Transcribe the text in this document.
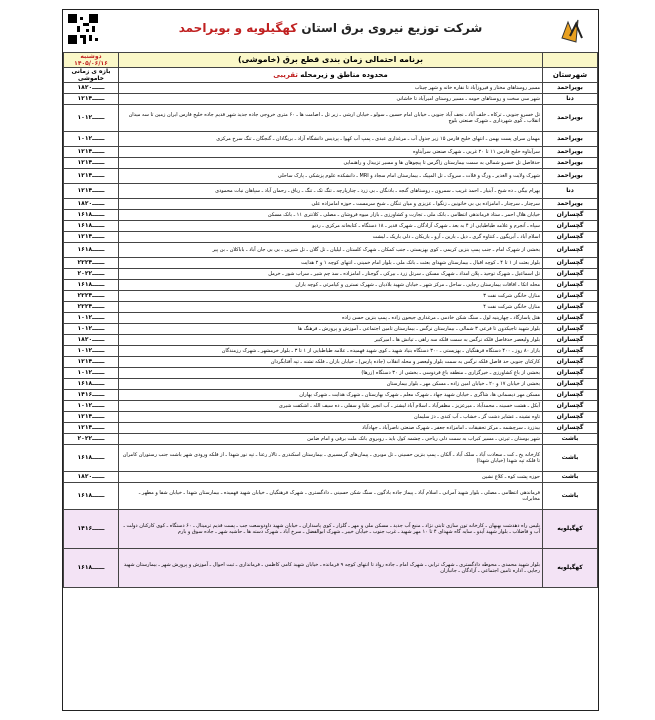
شرکت توزیع نیروی برق استان کهگیلویه و بویراحمد
	برنامه احتمالی زمان بندی قطع برق (خاموشی)	دوشنبه
۱۴۰۵/۰۶/۱۶
شهرستان	محدوده مناطق و زیرمحله تقریبی	بازه ی زمانی خاموشی
بویراحمد	مسیر روستاهای مختار و فیروزآباد تا نقاره خانه و شهر چیتاب	۱۸ــــــ۲۰
دنا	شهر سی سخت و روستاهای حومه ـ مسیر روستای امیرآباد تا خاشانی	۱۲ــــــ۱۴
بویراحمد	تل خسرو جنوبی ـ ترکاه ـ خلف آباد ـ نجف آباد جنوبی ـ خیابان امام حسین ـ سولو ـ خیابان ارشی ـ زیر تل ـ اصامت ها ـ ۶۰ متری خروجی جاده جدید شهر قدیم جاده خلیج فارس ایران زمین تا سه میدان انقلاب ـ کوی شهرداری ـ شهرک صنعتی بلوچ	۱۰ــــــ۱۲
بویراحمد	مهمان سرای پست بهمن ـ انتهای خلیج فارس ۱۵ زیر جدول آب ـ مرغداری عبدی ـ پمپ آب کهوا ـ پردیس دانشگاه آزاد ـ بریگادان ـ گنجگان ـ تنگ سرخ مرکزی	۱۰ــــــ۱۲
بویراحمد	سرآبتاوه خلیج فارس ۱۱ تا ۲۰ غربی ـ شهرک صنعتی سرآبتاوه	۱۲ــــــ۱۴
بویراحمد	حدفاصل تل خسرو شمالی به سمت بیمارستان زاگرس تا پیچوهان ها و مسیر تزبیدل و راهنمایی	۱۲ــــــ۱۴
بویراحمد	شهرک ولایت و الغدیر ـ ورگ و قلات ـ سروک ـ تل المپیک ـ بیمارستان امام سجاد و MRI ـ دانشکده علوم پزشکی ـ پارک ساحلی	۱۲ــــــ۱۴
دنا	بهرام بیگی ـ ده شیخ ـ آبنیار ـ احمد غریب ـ سمرون ـ روستاهای گنجه ـ بادنگان ـ بی زرد ـ چنارپارچه ـ تنگ تک ـ تنگ ـ رباق ـ رحمان آباد ـ سپاهان نبات محمودی	۱۲ــــــ۱۴
بویراحمد	سرچنار ـ سرچنار ـ امامزاده بی بی خاتونین ـ زنگوا ـ عزیزی و میان تنگان ـ شیخ سرمست ـ حوزه امامزاده علی	۱۸ــــــ۲۰
گچساران	خیابان هلال احمر ـ ستاد فرماندهی انتظامی ـ بانک ملی ـ تجارت و کشاورزی ـ بازار میوه فروشان ـ مصلی ـ کلانتری ۱۱ ـ بانک مسکن	۱۶ــــــ۱۸
گچساران	سپاه ـ آنجرم و علامه طباطبایی از ۴ به بعد ـ شهرک آزادگان ـ شهرک قدیر ـ ۱۸ دستگاه ـ کتابخانه مرکزی ـ ردیو	۱۶ــــــ۱۸
گچساران	اسلام آباد ـ آبریگون ـ کنتاوه گری ـ دیل ـ بارین ـ آرو ـ بازیکان ـ دلی باریک ـ لیشت	۱۲ــــــ۱۴
گچساران	بخشی از شهرک امام ـ جنب پمپ بنزین کریمی ـ کوی بهزیستی ـ جنب کمکان ـ شهرک کلستان ـ لیلیان ـ تل گلان ـ تل شیرین ـ بی بی جان آباد ـ باباکلان ـ بن پیر	۱۶ــــــ۱۸
گچساران	بلوار بعثت از ۱ تا ۴ ـ کوچه اقبال ـ بیمارستان شهدای بعثت ـ بانک ملی ـ بلوار امام خمینی ـ انتهای کوچه ۱ و ۲ هدایت	۲۲ــــــ۲۴
گچساران	تل اسماعیل ـ شهرک توحید ـ پلان امداد ـ شهرک مسکن ـ سرتل زرد ـ بیرکی ـ گوجنار ـ امامزاده ـ سد چم شیر ـ سراب شور ـ خرمل	۲۰ــــــ۲۲
گچساران	محله اتکا ـ اقاقات بیمارستان رجایی ـ ساحل ـ مرکز شهر ـ خیابان شهید بلاذیان ـ شهرک نسترن و کیامرثی ـ کوچه باران	۱۶ــــــ۱۸
گچساران	منازل خانگی شرکت نفت ۳	۲۲ــــــ۲۴
گچساران	منازل خانگی شرکت نفت ۴	۲۲ــــــ۲۴
گچساران	هتل پاسارگاد ـ چهارپنیه لول ـ سنگ شکن خادمی ـ مرغداری جیحون زاده ـ پمپ بنزین حسن زاده	۱۰ــــــ۱۲
گچساران	بلوار شهید تاجیکدون تا فرعی ۳ شمالی ـ بیمارستان نرگس ـ بیمارستان تامین اجتماعی ـ آموزش و پرورش ـ فرهنگ ها	۱۰ــــــ۱۲
گچساران	بلوار ولیعصر حدفاصل فلکه نرگس به سمت فلکه سه راهی ـ تیانش ها ـ امیرکبیر	۱۸ــــــ۲۰
گچساران	بازار ۸۰ روز ـ ۴۰۰ دستگاه فرهنگیان ـ بهزیستی ـ ۳۰۰ دستگاه بنیاد شهید ـ کوی شهید فهمیده ـ علامه طباطبایی از ۱ تا ۳ ـ بلوار خرمشهر ـ شهرک رزمندگان	۱۰ــــــ۱۲
گچساران	کارکنان جنوبی حد فاصل فلکه نرگس به سمت بلوار ولیعصر و محله انقلاب (جاده پارس) ـ خیابان بازان ـ فلکه تشنه ـ تپه آفتابگردان	۱۲ــــــ۱۴
گچساران	بخشی از باغ کشاورزی ـ خیرگزاری ـ منطقه باغ فردوسی ـ بخشی از ۳۰ دستگاه (زرها)	۱۰ــــــ۱۲
گچساران	بخشی از خیابان ۱۷ و ۲۰ ـ خیابان امین زاده ـ مسکن مهر ـ بلوار بیمارستان	۱۶ــــــ۱۸
گچساران	مسکن مهر دیسمانی ها، شاگری ـ خیابان شهید جهاد ـ شهرک معلم ـ شهرک بهارستان ـ شهرک هدایت ـ شهرک بهاران	۱۴ــــــ۱۶
گچساران	آبکل ـ هشت خسینه ـ محمدآباد ـ میرعزیز ـ مظفرآباد ـ اسلام آباد لیشتر ـ آب انجیر علیا و سفلی ـ ده سیف الله ـ اشکفت شیری	۱۰ــــــ۱۲
گچساران	تاوه نشینه ـ عشایر دشت گز ـ خشاب ـ آب کندی ـ دژ سلیمان	۱۲ــــــ۱۴
گچساران	بیدزرد ـ سرچشمه ـ مرکز تحقیقات ـ امامزاده جعفر ـ شهرک صنعتی ناصرآباد ـ جهادآباد	۱۲ــــــ۱۴
باشت	شهر بوستان ـ ثیرتی ـ مسیر کبراب به سمت دلی ریاحی ـ چشمه کول باید ـ روبروی بانک ملت برقی و امام ضامن	۲۰ــــــ۲۲
باشت	کارخانه یخ ـ کت ـ سعادت آباد ـ سلک آباد ـ آلکان ـ پمپ بنزین حسینی ـ تل موبری ـ پیمان‌های گرمسیری ـ بیمارستان اسکندری ـ تالار رعنا ـ تپه نور شهدا ـ از فلکه ورودی شهر باشت جنب رستوران کامران تا فلکه تپه شهدا (خیابان شهدا)	۱۶ــــــ۱۸
باشت	حوزه پشت کوه ـ کلاغ نشین	۱۸ــــــ۲۰
باشت	فرماندهی انتظامی ـ مصلی ـ بلوار شهید آمرانی ـ اسلام آباد ـ پیماژ جاده بادگون ـ سنگ شکن حسینی ـ دادگستری ـ شهرک فرهنگیان ـ خیابان شهید فهمیده ـ بیمارستان شهدا ـ خیابان شفا و مطهر ـ مخابرات	۱۶ــــــ۱۸
کهگیلویه	بلیس راه دهدشت بهبهان ـ کارخانه تون سازی ثابتی نژاد ـ منبع آب جدید ـ مسکن ملی و مهر ـ گلزار ـ کوی پاسداران ـ خیابان شهید داودوسعت جب ـ پست قدیم ترمینال ـ ۶۰ دستگاه ـ کوی کارکنان دولت ـ آب و فاضلاب ـ بلوار شهید آیدو ـ سایه گاه شهدای ۴ تا ۱۰ مهر شهید ـ غرب جنوب ـ خیابان خیبر ـ شهرک ابوالفضل ـ سرخ آباد ـ شهرک دسته ها ـ حاشیه شهر ـ جاده سوق و بارم	۱۴ــــــ۱۶
کهگیلویه	بلوار شهید محمدی ـ محوطه دادگستری ـ شهرک ترابی ـ شهرک امام ـ جاده رواد تا انتهای کوچه ۹ فرمانده ـ خیابان شهید کامی کاظمی ـ فرمانداری ـ ثبت احوال ـ آموزش و پرورش شهر ـ بیمارستان شهید رجایی ـ اداره تامین اجتماعی ـ آزادگان ـ جانبازان	۱۶ــــــ۱۸
